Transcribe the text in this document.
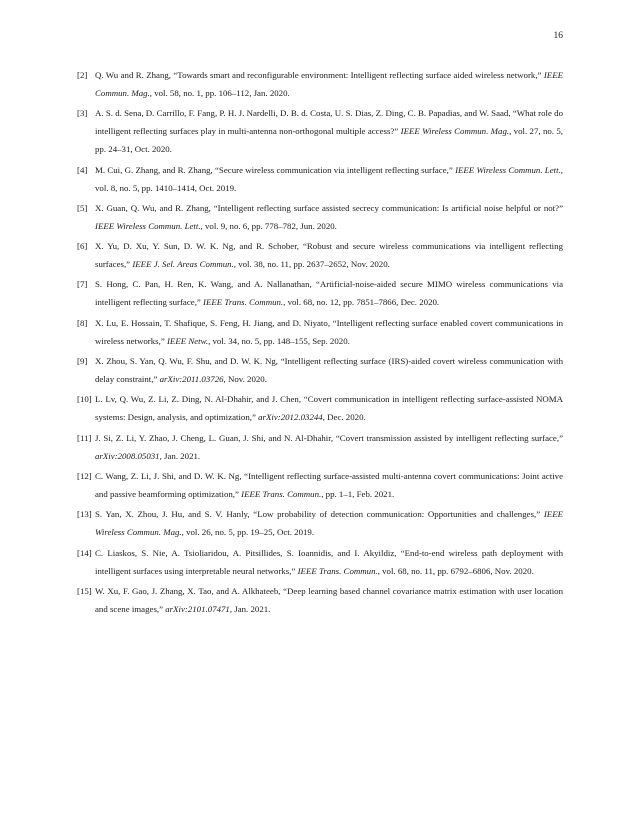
16
[2] Q. Wu and R. Zhang, “Towards smart and reconfigurable environment: Intelligent reflecting surface aided wireless network,” IEEE Commun. Mag., vol. 58, no. 1, pp. 106–112, Jan. 2020.
[3] A. S. d. Sena, D. Carrillo, F. Fang, P. H. J. Nardelli, D. B. d. Costa, U. S. Dias, Z. Ding, C. B. Papadias, and W. Saad, “What role do intelligent reflecting surfaces play in multi-antenna non-orthogonal multiple access?” IEEE Wireless Commun. Mag., vol. 27, no. 5, pp. 24–31, Oct. 2020.
[4] M. Cui, G. Zhang, and R. Zhang, “Secure wireless communication via intelligent reflecting surface,” IEEE Wireless Commun. Lett., vol. 8, no. 5, pp. 1410–1414, Oct. 2019.
[5] X. Guan, Q. Wu, and R. Zhang, “Intelligent reflecting surface assisted secrecy communication: Is artificial noise helpful or not?” IEEE Wireless Commun. Lett., vol. 9, no. 6, pp. 778–782, Jun. 2020.
[6] X. Yu, D. Xu, Y. Sun, D. W. K. Ng, and R. Schober, “Robust and secure wireless communications via intelligent reflecting surfaces,” IEEE J. Sel. Areas Commun., vol. 38, no. 11, pp. 2637–2652, Nov. 2020.
[7] S. Hong, C. Pan, H. Ren, K. Wang, and A. Nallanathan, “Artificial-noise-aided secure MIMO wireless communications via intelligent reflecting surface,” IEEE Trans. Commun., vol. 68, no. 12, pp. 7851–7866, Dec. 2020.
[8] X. Lu, E. Hossain, T. Shafique, S. Feng, H. Jiang, and D. Niyato, “Intelligent reflecting surface enabled covert communications in wireless networks,” IEEE Netw., vol. 34, no. 5, pp. 148–155, Sep. 2020.
[9] X. Zhou, S. Yan, Q. Wu, F. Shu, and D. W. K. Ng, “Intelligent reflecting surface (IRS)-aided covert wireless communication with delay constraint,” arXiv:2011.03726, Nov. 2020.
[10] L. Lv, Q. Wu, Z. Li, Z. Ding, N. Al-Dhahir, and J. Chen, “Covert communication in intelligent reflecting surface-assisted NOMA systems: Design, analysis, and optimization,” arXiv:2012.03244, Dec. 2020.
[11] J. Si, Z. Li, Y. Zhao, J. Cheng, L. Guan, J. Shi, and N. Al-Dhahir, “Covert transmission assisted by intelligent reflecting surface,” arXiv:2008.05031, Jan. 2021.
[12] C. Wang, Z. Li, J. Shi, and D. W. K. Ng, “Intelligent reflecting surface-assisted multi-antenna covert communications: Joint active and passive beamforming optimization,” IEEE Trans. Commun., pp. 1–1, Feb. 2021.
[13] S. Yan, X. Zhou, J. Hu, and S. V. Hanly, “Low probability of detection communication: Opportunities and challenges,” IEEE Wireless Commun. Mag., vol. 26, no. 5, pp. 19–25, Oct. 2019.
[14] C. Liaskos, S. Nie, A. Tsioliaridou, A. Pitsillides, S. Ioannidis, and I. Akyildiz, “End-to-end wireless path deployment with intelligent surfaces using interpretable neural networks,” IEEE Trans. Commun., vol. 68, no. 11, pp. 6792–6806, Nov. 2020.
[15] W. Xu, F. Gao, J. Zhang, X. Tao, and A. Alkhateeb, “Deep learning based channel covariance matrix estimation with user location and scene images,” arXiv:2101.07471, Jan. 2021.
